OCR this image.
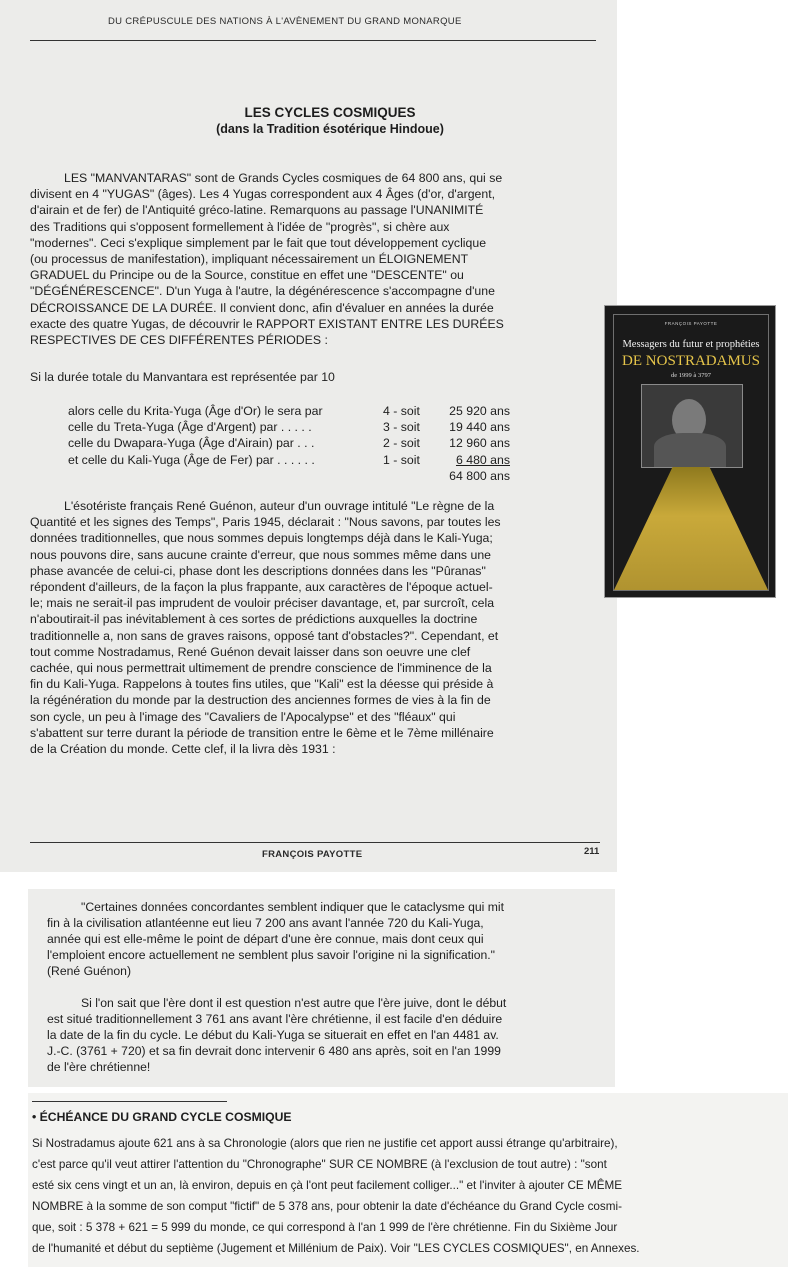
DU CRÉPUSCULE DES NATIONS À L'AVÈNEMENT DU GRAND MONARQUE
LES CYCLES COSMIQUES
(dans la Tradition ésotérique Hindoue)
LES "MANVANTARAS" sont de Grands Cycles cosmiques de 64 800 ans, qui se
divisent en 4 "YUGAS" (âges). Les 4 Yugas correspondent aux 4 Âges (d'or, d'argent,
d'airain et de fer) de l'Antiquité gréco-latine. Remarquons au passage l'UNANIMITÉ
des Traditions qui s'opposent formellement à l'idée de "progrès", si chère aux
"modernes". Ceci s'explique simplement par le fait que tout développement cyclique
(ou processus de manifestation), impliquant nécessairement un ÉLOIGNEMENT
GRADUEL du Principe ou de la Source, constitue en effet une "DESCENTE" ou
"DÉGÉNÉRESCENCE". D'un Yuga à l'autre, la dégénérescence s'accompagne d'une
DÉCROISSANCE DE LA DURÉE. Il convient donc, afin d'évaluer en années la durée
exacte des quatre Yugas, de découvrir le RAPPORT EXISTANT ENTRE LES DURÉES
RESPECTIVES DE CES DIFFÉRENTES PÉRIODES :
Si la durée totale du Manvantara est représentée par 10
alors celle du Krita-Yuga (Âge d'Or) le sera par	4 - soit	25 920 ans
celle du Treta-Yuga (Âge d'Argent) par . . . . .	3 - soit	19 440 ans
celle du Dwapara-Yuga (Âge d'Airain) par . . .	2 - soit	12 960 ans
et celle du Kali-Yuga (Âge de Fer) par . . . . . .	1 - soit	6 480 ans
64 800 ans
L'ésotériste français René Guénon, auteur d'un ouvrage intitulé "Le règne de la
Quantité et les signes des Temps", Paris 1945, déclarait : "Nous savons, par toutes les
données traditionnelles, que nous sommes depuis longtemps déjà dans le Kali-Yuga;
nous pouvons dire, sans aucune crainte d'erreur, que nous sommes même dans une
phase avancée de celui-ci, phase dont les descriptions données dans les "Pûranas"
répondent d'ailleurs, de la façon la plus frappante, aux caractères de l'époque actuel-
le; mais ne serait-il pas imprudent de vouloir préciser davantage, et, par surcroît, cela
n'aboutirait-il pas inévitablement à ces sortes de prédictions auxquelles la doctrine
traditionnelle a, non sans de graves raisons, opposé tant d'obstacles?". Cependant, et
tout comme Nostradamus, René Guénon devait laisser dans son oeuvre une clef
cachée, qui nous permettrait ultimement de prendre conscience de l'imminence de la
fin du Kali-Yuga. Rappelons à toutes fins utiles, que "Kali" est la déesse qui préside à
la régénération du monde par la destruction des anciennes formes de vies à la fin de
son cycle, un peu à l'image des "Cavaliers de l'Apocalypse" et des "fléaux" qui
s'abattent sur terre durant la période de transition entre le 6ème et le 7ème millénaire
de la Création du monde. Cette clef, il la livra dès 1931 :
FRANÇOIS PAYOTTE	211
FRANÇOIS PAYOTTE
Messagers du futur et prophéties
DE NOSTRADAMUS
de 1999 à 3797
"Certaines données concordantes semblent indiquer que le cataclysme qui mit
fin à la civilisation atlantéenne eut lieu 7 200 ans avant l'année 720 du Kali-Yuga,
année qui est elle-même le point de départ d'une ère connue, mais dont ceux qui
l'emploient encore actuellement ne semblent plus savoir l'origine ni la signification."
(René Guénon)
Si l'on sait que l'ère dont il est question n'est autre que l'ère juive, dont le début
est situé traditionnellement 3 761 ans avant l'ère chrétienne, il est facile d'en déduire
la date de la fin du cycle. Le début du Kali-Yuga se situerait en effet en l'an 4481 av.
J.-C. (3761 + 720) et sa fin devrait donc intervenir 6 480 ans après, soit en l'an 1999
de l'ère chrétienne!
• ÉCHÉANCE DU GRAND CYCLE COSMIQUE
Si Nostradamus ajoute 621 ans à sa Chronologie (alors que rien ne justifie cet apport aussi étrange qu'arbitraire),
c'est parce qu'il veut attirer l'attention du "Chronographe" SUR CE NOMBRE (à l'exclusion de tout autre) : "sont
esté six cens vingt et un an, là environ, depuis en çà l'ont peut facilement colliger..." et l'inviter à ajouter CE MÊME
NOMBRE à la somme de son comput "fictif" de 5 378 ans, pour obtenir la date d'échéance du Grand Cycle cosmi-
que, soit : 5 378 + 621 = 5 999 du monde, ce qui correspond à l'an 1 999 de l'ère chrétienne. Fin du Sixième Jour
de l'humanité et début du septième (Jugement et Millénium de Paix). Voir "LES CYCLES COSMIQUES", en Annexes.
